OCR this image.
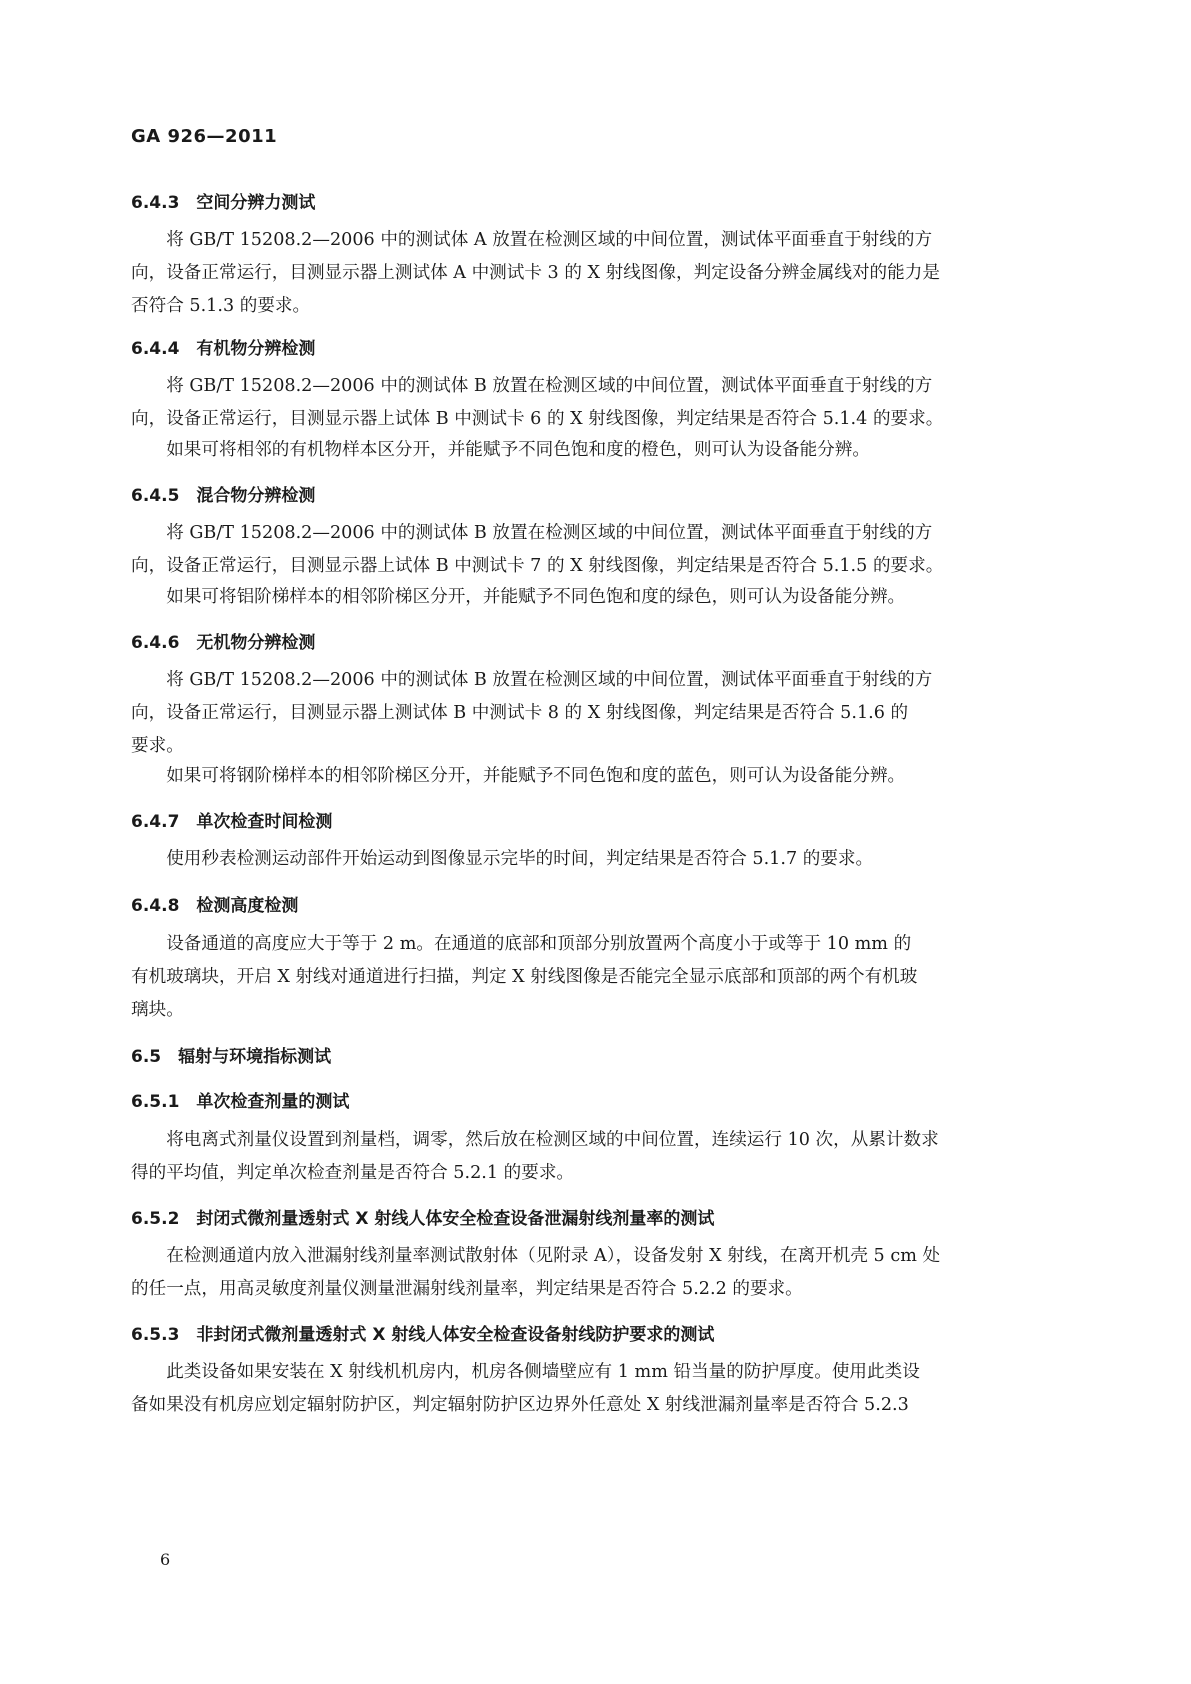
GA 926—2011
6.4.3　空间分辨力测试
　　将 GB/T 15208.2—2006 中的测试体 A 放置在检测区域的中间位置，测试体平面垂直于射线的方
向，设备正常运行，目测显示器上测试体 A 中测试卡 3 的 X 射线图像，判定设备分辨金属线对的能力是
否符合 5.1.3 的要求。
6.4.4　有机物分辨检测
　　将 GB/T 15208.2—2006 中的测试体 B 放置在检测区域的中间位置，测试体平面垂直于射线的方
向，设备正常运行，目测显示器上试体 B 中测试卡 6 的 X 射线图像，判定结果是否符合 5.1.4 的要求。
　　如果可将相邻的有机物样本区分开，并能赋予不同色饱和度的橙色，则可认为设备能分辨。
6.4.5　混合物分辨检测
　　将 GB/T 15208.2—2006 中的测试体 B 放置在检测区域的中间位置，测试体平面垂直于射线的方
向，设备正常运行，目测显示器上试体 B 中测试卡 7 的 X 射线图像，判定结果是否符合 5.1.5 的要求。
　　如果可将铝阶梯样本的相邻阶梯区分开，并能赋予不同色饱和度的绿色，则可认为设备能分辨。
6.4.6　无机物分辨检测
　　将 GB/T 15208.2—2006 中的测试体 B 放置在检测区域的中间位置，测试体平面垂直于射线的方
向，设备正常运行，目测显示器上测试体 B 中测试卡 8 的 X 射线图像，判定结果是否符合 5.1.6 的
要求。
　　如果可将钢阶梯样本的相邻阶梯区分开，并能赋予不同色饱和度的蓝色，则可认为设备能分辨。
6.4.7　单次检查时间检测
　　使用秒表检测运动部件开始运动到图像显示完毕的时间，判定结果是否符合 5.1.7 的要求。
6.4.8　检测高度检测
　　设备通道的高度应大于等于 2 m。在通道的底部和顶部分别放置两个高度小于或等于 10 mm 的
有机玻璃块，开启 X 射线对通道进行扫描，判定 X 射线图像是否能完全显示底部和顶部的两个有机玻
璃块。
6.5　辐射与环境指标测试
6.5.1　单次检查剂量的测试
　　将电离式剂量仪设置到剂量档，调零，然后放在检测区域的中间位置，连续运行 10 次，从累计数求
得的平均值，判定单次检查剂量是否符合 5.2.1 的要求。
6.5.2　封闭式微剂量透射式 X 射线人体安全检查设备泄漏射线剂量率的测试
　　在检测通道内放入泄漏射线剂量率测试散射体（见附录 A），设备发射 X 射线，在离开机壳 5 cm 处
的任一点，用高灵敏度剂量仪测量泄漏射线剂量率，判定结果是否符合 5.2.2 的要求。
6.5.3　非封闭式微剂量透射式 X 射线人体安全检查设备射线防护要求的测试
　　此类设备如果安装在 X 射线机机房内，机房各侧墙壁应有 1 mm 铅当量的防护厚度。使用此类设
备如果没有机房应划定辐射防护区，判定辐射防护区边界外任意处 X 射线泄漏剂量率是否符合 5.2.3
6
